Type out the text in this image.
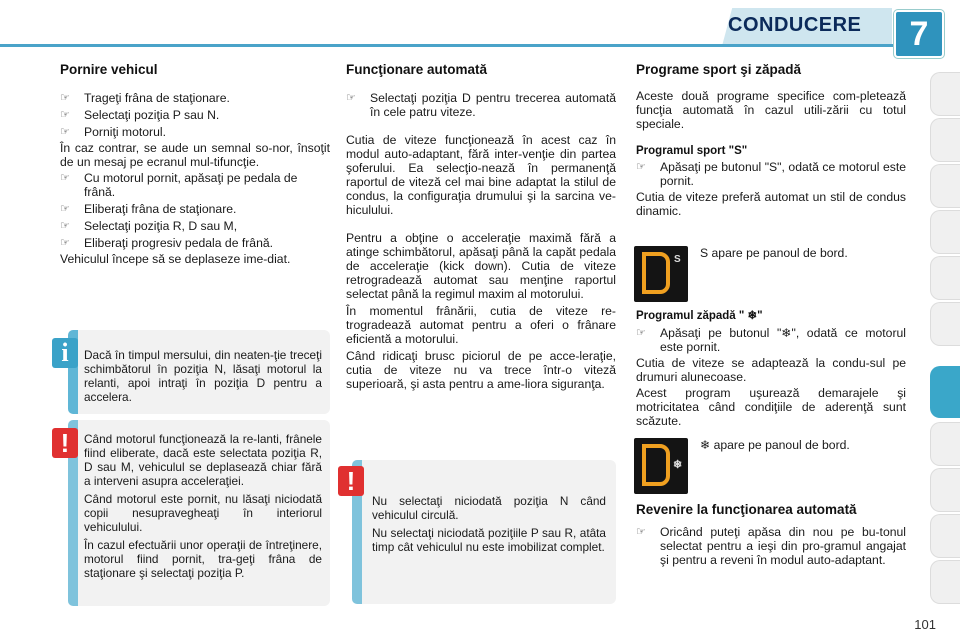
CONDUCERE	7
Pornire vehicul
☞ Trageţi frâna de staţionare.
☞ Selectaţi poziţia P sau N.
☞ Porniţi motorul.

În caz contrar, se aude un semnal so-nor, însoţit de un mesaj pe ecranul mul-tifuncţie.

☞ Cu motorul pornit, apăsaţi pe pedala de frână.
☞ Eliberaţi frâna de staţionare.
☞ Selectaţi poziţia R, D sau M,
☞ Eliberaţi progresiv pedala de frână.

Vehiculul începe să se deplaseze ime-diat.

Dacă în timpul mersului, din neaten-ţie treceţi schimbătorul în poziţia N, lăsaţi motorul la relanti, apoi intraţi în poziţia D pentru a accelera.
i

Când motorul funcţionează la re-lanti, frânele fiind eliberate, dacă este selectata poziţia R, D sau M, vehiculul se deplasează chiar fără a interveni asupra acceleraţiei.

Când motorul este pornit, nu lăsaţi niciodată copii nesupravegheaţi în interiorul vehiculului.

În cazul efectuării unor operaţii de întreţinere, motorul fiind pornit, tra-geţi frâna de staţionare şi selectaţi poziţia P.

!
Funcţionare automată
☞ Selectaţi poziţia D pentru trecerea automată în cele patru viteze.

Cutia de viteze funcţionează în acest caz în modul auto-adaptant, fără inter-venţie din partea şoferului. Ea selecţio-nează în permanenţă raportul de viteză cel mai bine adaptat la stilul de condus, la configuraţia drumului şi la sarcina ve-hiculului.

Pentru a obţine o acceleraţie maximă fără a atinge schimbătorul, apăsaţi până la capăt pedala de acceleraţie (kick down). Cutia de viteze retrogradează automat sau menţine raportul selectat până la regimul maxim al motorului.

În momentul frânării, cutia de viteze re-trogradează automat pentru a oferi o frânare eficientă a motorului.

Când ridicaţi brusc piciorul de pe acce-leraţie, cutia de viteze nu va trece într-o viteză superioară, şi asta pentru a ame-liora siguranţa.

Nu selectaţi niciodată poziţia N când vehiculul circulă.

Nu selectaţi niciodată poziţiile P sau R, atâta timp cât vehiculul nu este imobilizat complet.

!
Programe sport şi zăpadă

Aceste două programe specifice com-pletează funcţia automată în cazul utili-zării cu totul speciale.

Programul sport "S"
☞ Apăsaţi pe butonul "S", odată ce motorul este pornit.

Cutia de viteze preferă automat un stil de condus dinamic.

S S apare pe panoul de bord.
Programul zăpadă " ❄"
☞ Apăsaţi pe butonul "❄", odată ce motorul este pornit.

Cutia de viteze se adaptează la condu-sul pe drumuri alunecoase.

Acest program uşurează demarajele şi motricitatea când condiţiile de aderenţă sunt scăzute.

❄
❄ apare pe panoul de bord.
Revenire la funcţionarea automată
☞ Oricând puteţi apăsa din nou pe bu-tonul selectat pentru a ieşi din pro-gramul angajat şi pentru a reveni în modul auto-adaptant.
101
